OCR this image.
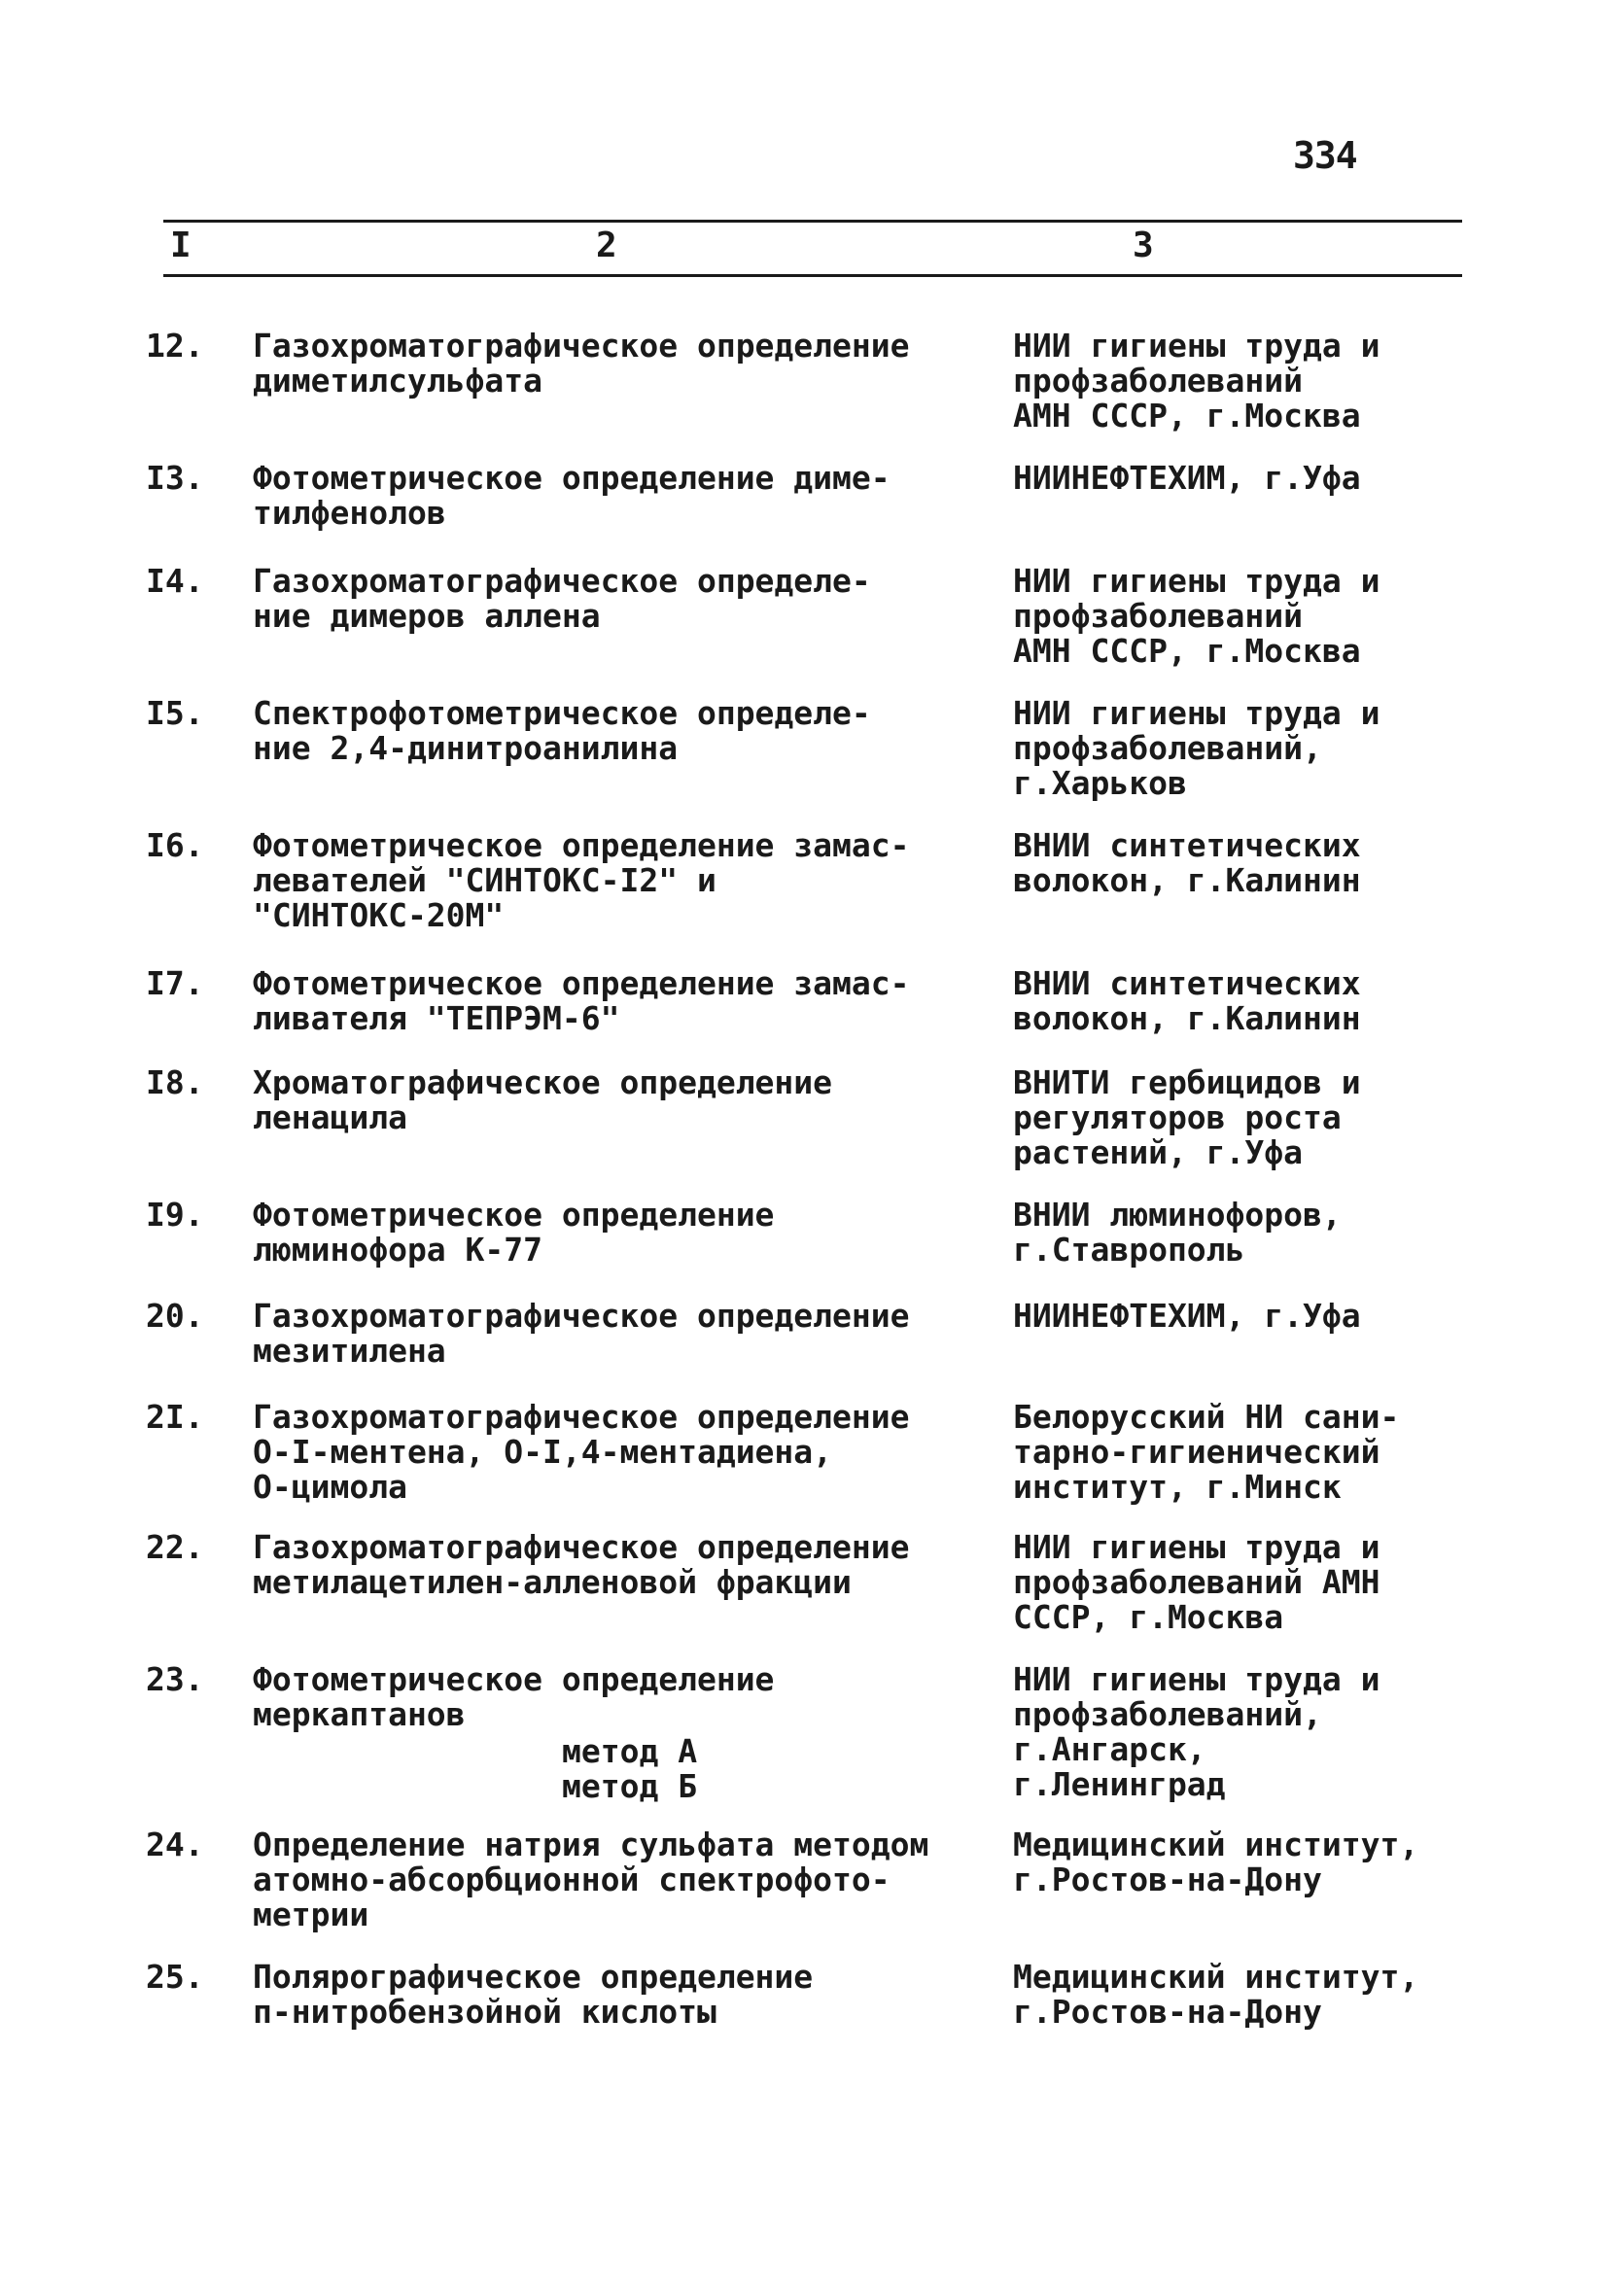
334
I	2	3
12. Газохроматографическое определение
диметилсульфата
НИИ гигиены труда и
профзаболеваний
АМН СССР, г.Москва
I3. Фотометрическое определение диме-
тилфенолов
НИИНЕФТЕХИМ, г.Уфа
I4. Газохроматографическое определе-
ние димеров аллена
НИИ гигиены труда и
профзаболеваний
АМН СССР, г.Москва
I5. Спектрофотометрическое определе-
ние 2,4-динитроанилина
НИИ гигиены труда и
профзаболеваний,
г.Харьков
I6. Фотометрическое определение замас-
левателей "СИНТОКС-I2" и
"СИНТОКС-20М"
ВНИИ синтетических
волокон, г.Калинин
I7. Фотометрическое определение замас-
ливателя "ТЕПРЭМ-6"
ВНИИ синтетических
волокон, г.Калинин
I8. Хроматографическое определение
ленацила
ВНИТИ гербицидов и
регуляторов роста
растений, г.Уфа
I9. Фотометрическое определение
люминофора К-77
ВНИИ люминофоров,
г.Ставрополь
20. Газохроматографическое определение
мезитилена
НИИНЕФТЕХИМ, г.Уфа
2I. Газохроматографическое определение
О-I-ментена, О-I,4-ментадиена,
О-цимола
Белорусский НИ сани-
тарно-гигиенический
институт, г.Минск
22. Газохроматографическое определение
метилацетилен-алленовой фракции
НИИ гигиены труда и
профзаболеваний АМН
СССР, г.Москва
23. Фотометрическое определение
меркаптанов
метод А
метод Б
НИИ гигиены труда и
профзаболеваний,
г.Ангарск,
г.Ленинград
24. Определение натрия сульфата методом
атомно-абсорбционной спектрофото-
метрии
Медицинский институт,
г.Ростов-на-Дону
25. Полярографическое определение
п-нитробензойной кислоты
Медицинский институт,
г.Ростов-на-Дону
